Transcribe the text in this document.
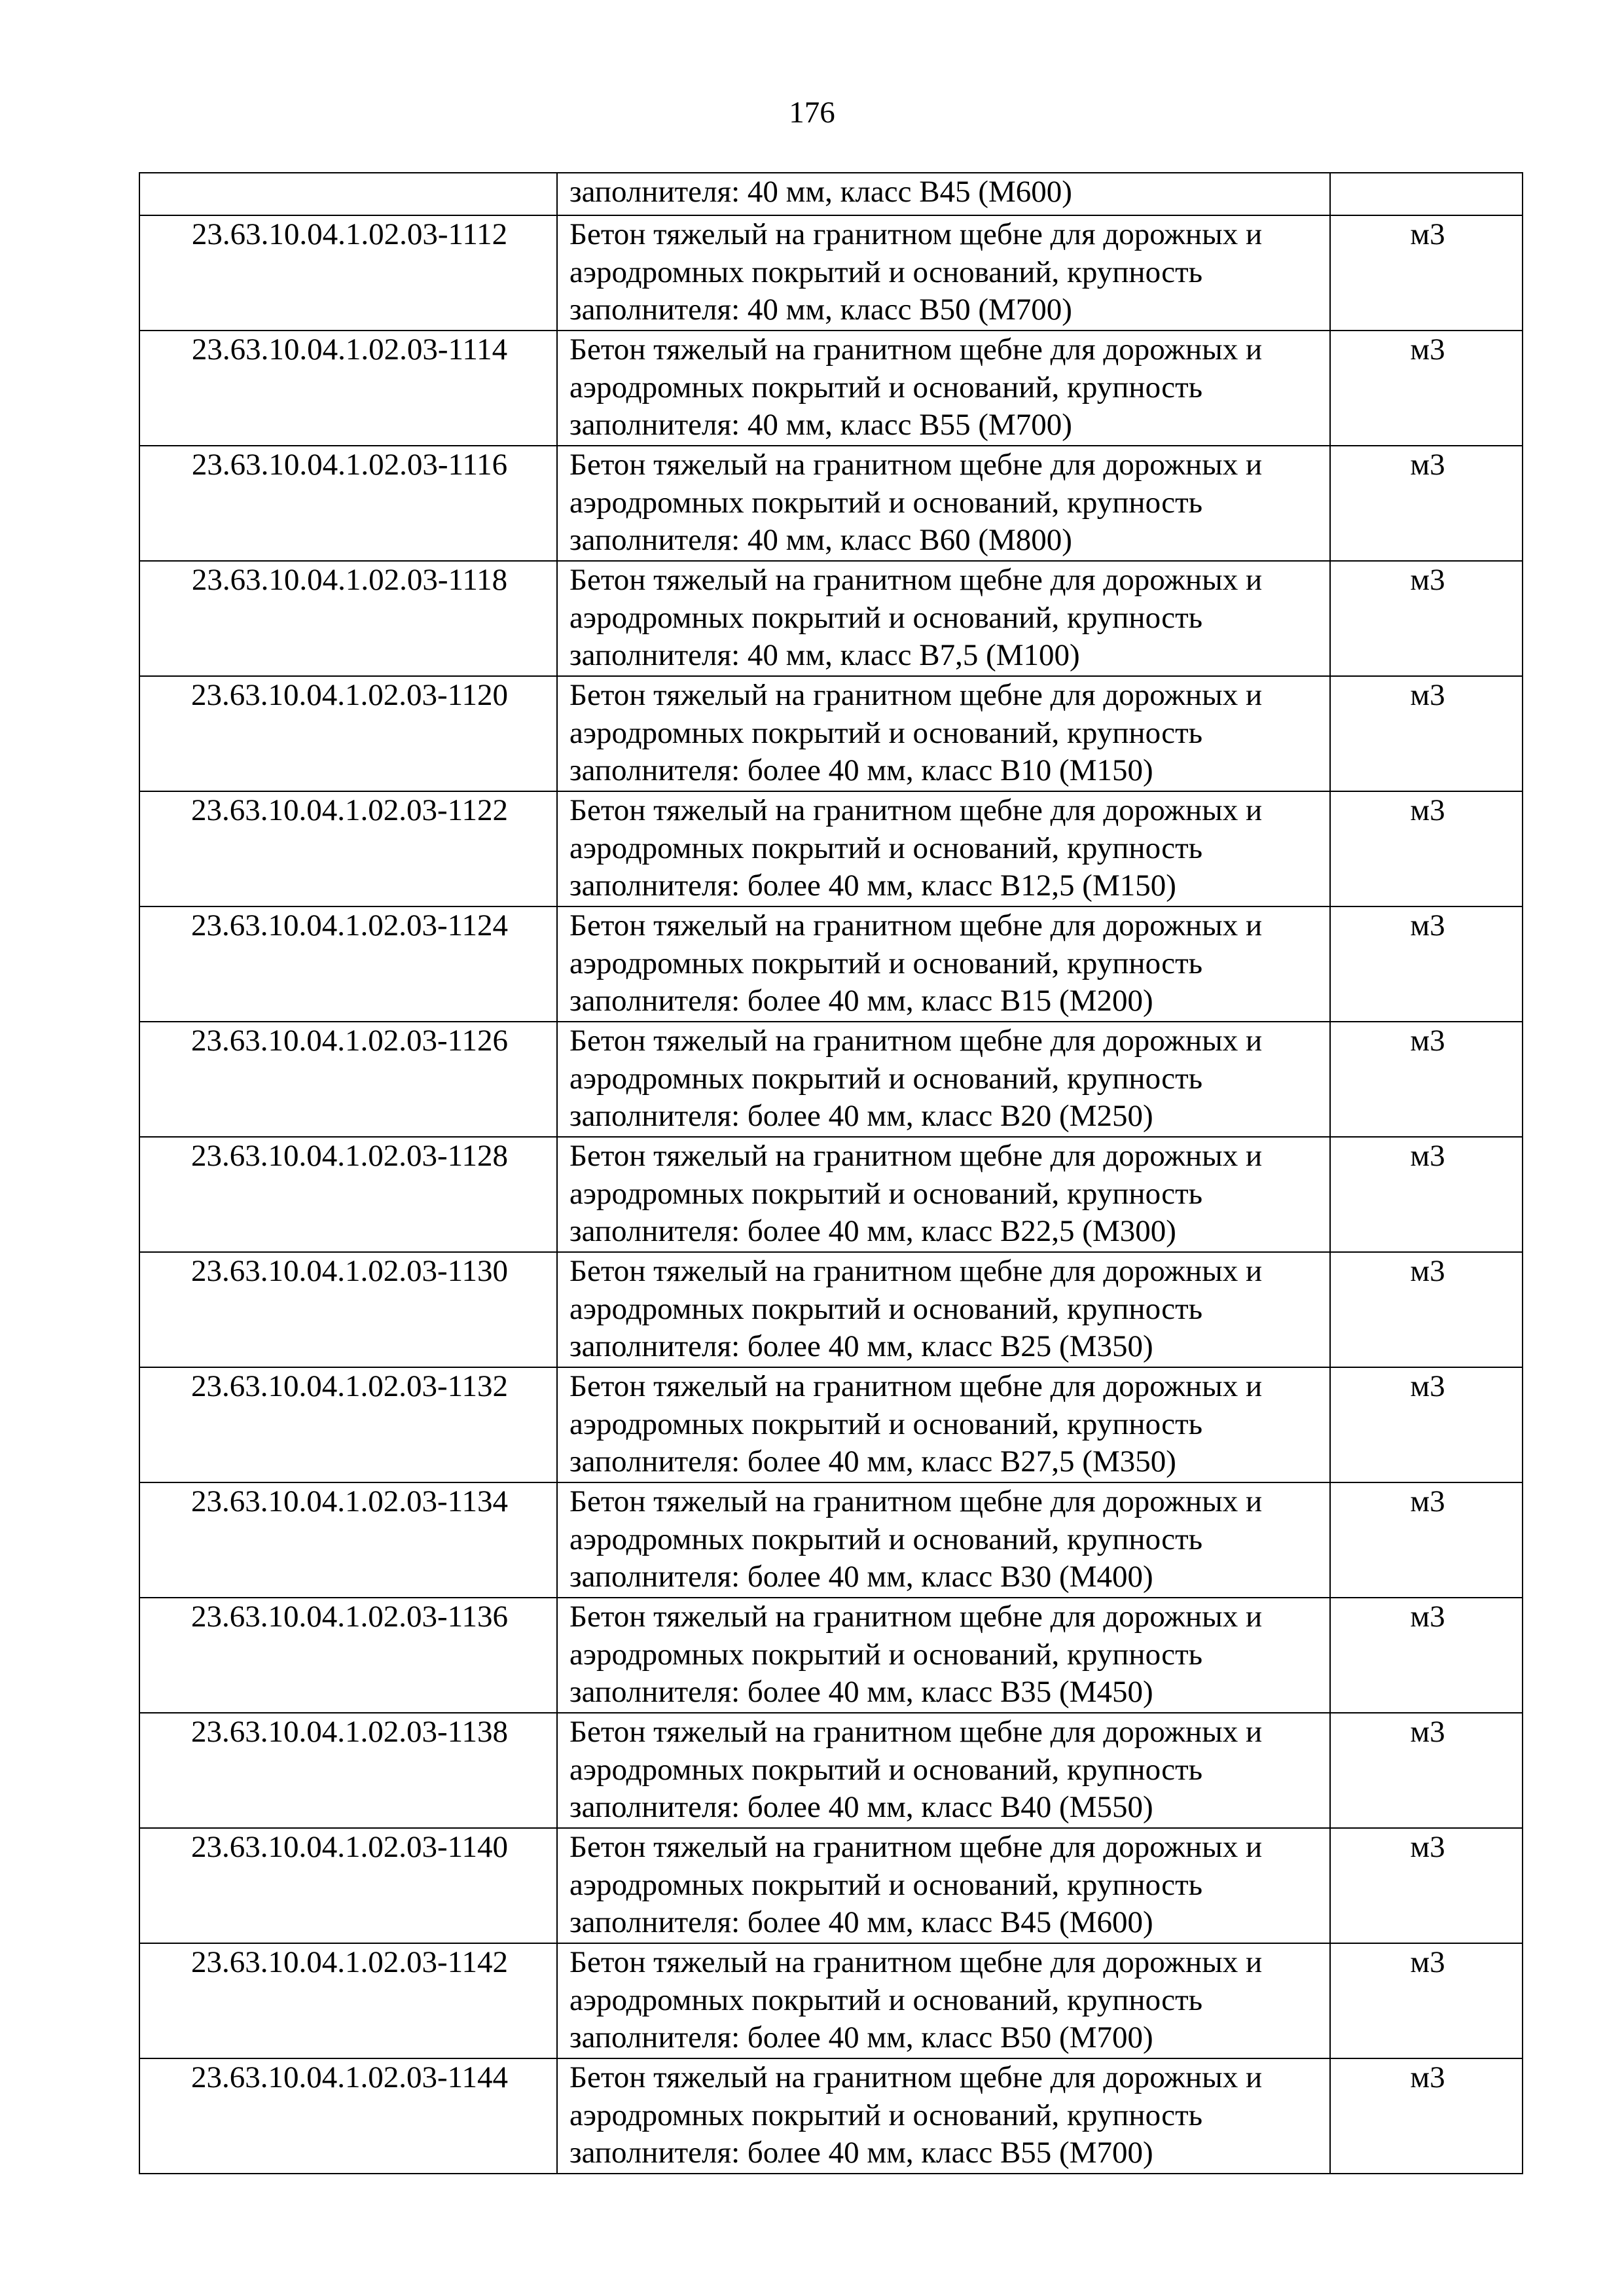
176
	заполнителя: 40 мм, класс В45 (М600)	
23.63.10.04.1.02.03-1112	Бетон тяжелый на гранитном щебне для дорожных и аэродромных покрытий и оснований, крупность заполнителя: 40 мм, класс В50 (М700)	м3
23.63.10.04.1.02.03-1114	Бетон тяжелый на гранитном щебне для дорожных и аэродромных покрытий и оснований, крупность заполнителя: 40 мм, класс В55 (М700)	м3
23.63.10.04.1.02.03-1116	Бетон тяжелый на гранитном щебне для дорожных и аэродромных покрытий и оснований, крупность заполнителя: 40 мм, класс В60 (М800)	м3
23.63.10.04.1.02.03-1118	Бетон тяжелый на гранитном щебне для дорожных и аэродромных покрытий и оснований, крупность заполнителя: 40 мм, класс В7,5 (М100)	м3
23.63.10.04.1.02.03-1120	Бетон тяжелый на гранитном щебне для дорожных и аэродромных покрытий и оснований, крупность заполнителя: более 40 мм, класс В10 (М150)	м3
23.63.10.04.1.02.03-1122	Бетон тяжелый на гранитном щебне для дорожных и аэродромных покрытий и оснований, крупность заполнителя: более 40 мм, класс В12,5 (М150)	м3
23.63.10.04.1.02.03-1124	Бетон тяжелый на гранитном щебне для дорожных и аэродромных покрытий и оснований, крупность заполнителя: более 40 мм, класс В15 (М200)	м3
23.63.10.04.1.02.03-1126	Бетон тяжелый на гранитном щебне для дорожных и аэродромных покрытий и оснований, крупность заполнителя: более 40 мм, класс В20 (М250)	м3
23.63.10.04.1.02.03-1128	Бетон тяжелый на гранитном щебне для дорожных и аэродромных покрытий и оснований, крупность заполнителя: более 40 мм, класс В22,5 (М300)	м3
23.63.10.04.1.02.03-1130	Бетон тяжелый на гранитном щебне для дорожных и аэродромных покрытий и оснований, крупность заполнителя: более 40 мм, класс В25 (М350)	м3
23.63.10.04.1.02.03-1132	Бетон тяжелый на гранитном щебне для дорожных и аэродромных покрытий и оснований, крупность заполнителя: более 40 мм, класс В27,5 (М350)	м3
23.63.10.04.1.02.03-1134	Бетон тяжелый на гранитном щебне для дорожных и аэродромных покрытий и оснований, крупность заполнителя: более 40 мм, класс В30 (М400)	м3
23.63.10.04.1.02.03-1136	Бетон тяжелый на гранитном щебне для дорожных и аэродромных покрытий и оснований, крупность заполнителя: более 40 мм, класс В35 (М450)	м3
23.63.10.04.1.02.03-1138	Бетон тяжелый на гранитном щебне для дорожных и аэродромных покрытий и оснований, крупность заполнителя: более 40 мм, класс В40 (М550)	м3
23.63.10.04.1.02.03-1140	Бетон тяжелый на гранитном щебне для дорожных и аэродромных покрытий и оснований, крупность заполнителя: более 40 мм, класс В45 (М600)	м3
23.63.10.04.1.02.03-1142	Бетон тяжелый на гранитном щебне для дорожных и аэродромных покрытий и оснований, крупность заполнителя: более 40 мм, класс В50 (М700)	м3
23.63.10.04.1.02.03-1144	Бетон тяжелый на гранитном щебне для дорожных и аэродромных покрытий и оснований, крупность заполнителя: более 40 мм, класс В55 (М700)	м3
